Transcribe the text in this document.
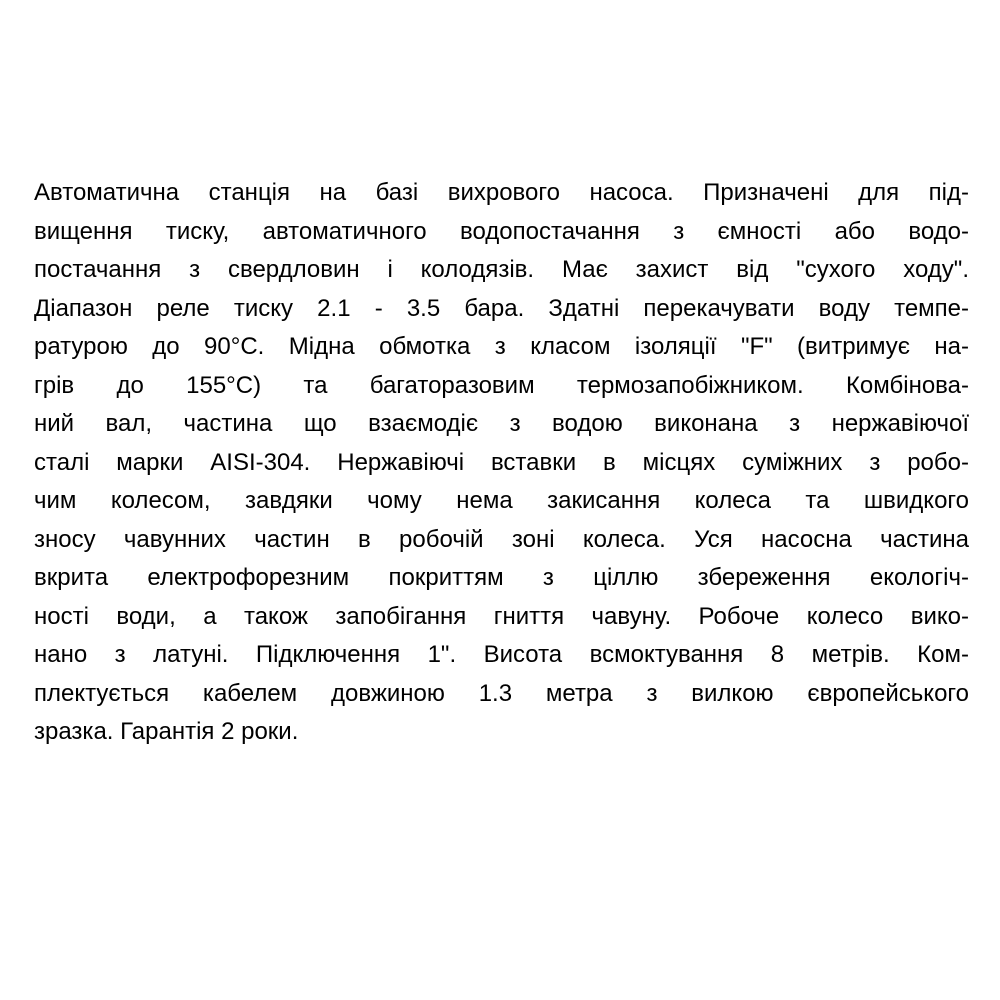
Автоматична станція на базі вихрового насоса. Призначені для під-
вищення тиску, автоматичного водопостачання з ємності або водо-
постачання з свердловин і колодязів. Має захист від "сухого ходу".
Діапазон реле тиску 2.1 - 3.5 бара. Здатні перекачувати воду темпе-
ратурою до 90°С. Мідна обмотка з класом ізоляції "F" (витримує на-
грів до 155°С) та багаторазовим термозапобіжником. Комбінова-
ний вал, частина що взаємодіє з водою виконана з нержавіючої
сталі марки AISI-304. Нержавіючі вставки в місцях суміжних з робо-
чим колесом, завдяки чому нема закисання колеса та швидкого
зносу чавунних частин в робочій зоні колеса. Уся насосна частина
вкрита електрофорезним покриттям з ціллю збереження екологіч-
ності води, а також запобігання гниття чавуну. Робоче колесо вико-
нано з латуні. Підключення 1". Висота всмоктування 8 метрів. Ком-
плектується кабелем довжиною 1.3 метра з вилкою європейського
зразка. Гарантія 2 роки.
